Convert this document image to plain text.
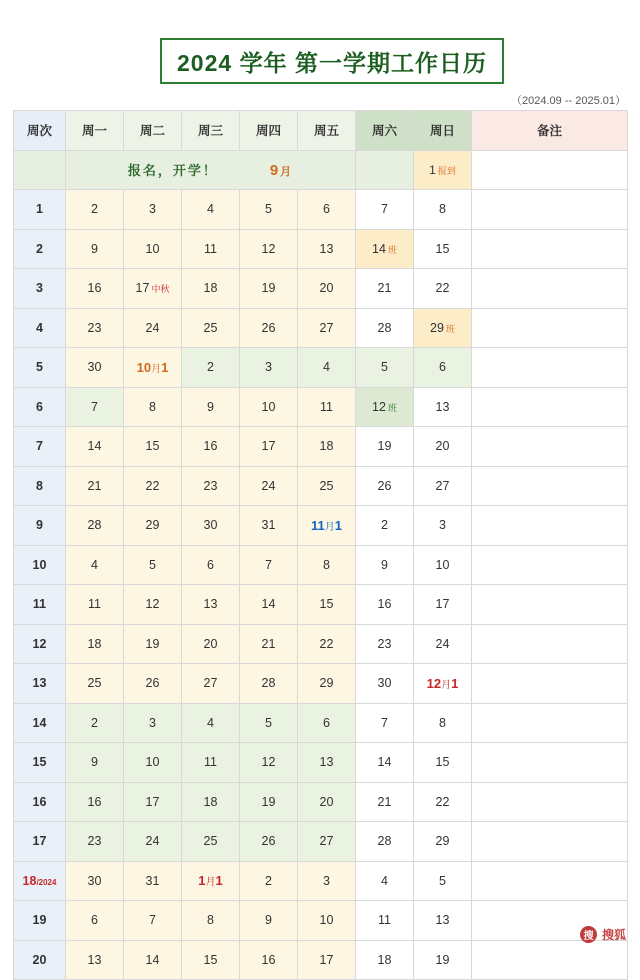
2024 学年 第一学期工作日历
（2024.09 -- 2025.01）
周次	周一	周二	周三	周四	周五	周六	周日	备注
	报名，开学！ 9月						1 报到	
1	2	3	4	5	6	7	8	
2	9	10	11	12	13	14 班	15	
3	16	17 中秋	18	19	20	21	22	
4	23	24	25	26	27	28	29 班	
5	30	10月1	2	3	4	5	6	
6	7	8	9	10	11	12 班	13	
7	14	15	16	17	18	19	20	
8	21	22	23	24	25	26	27	
9	28	29	30	31	11月1	2	3	
10	4	5	6	7	8	9	10	
11	11	12	13	14	15	16	17	
12	18	19	20	21	22	23	24	
13	25	26	27	28	29	30	12月1	
14	2	3	4	5	6	7	8	
15	9	10	11	12	13	14	15	
16	16	17	18	19	20	21	22	
17	23	24	25	26	27	28	29	
18/2024	30	31	1月1	2	3	4	5	
19	6	7	8	9	10	11	13	
20	13	14	15	16	17	18	19	
搜 搜狐
